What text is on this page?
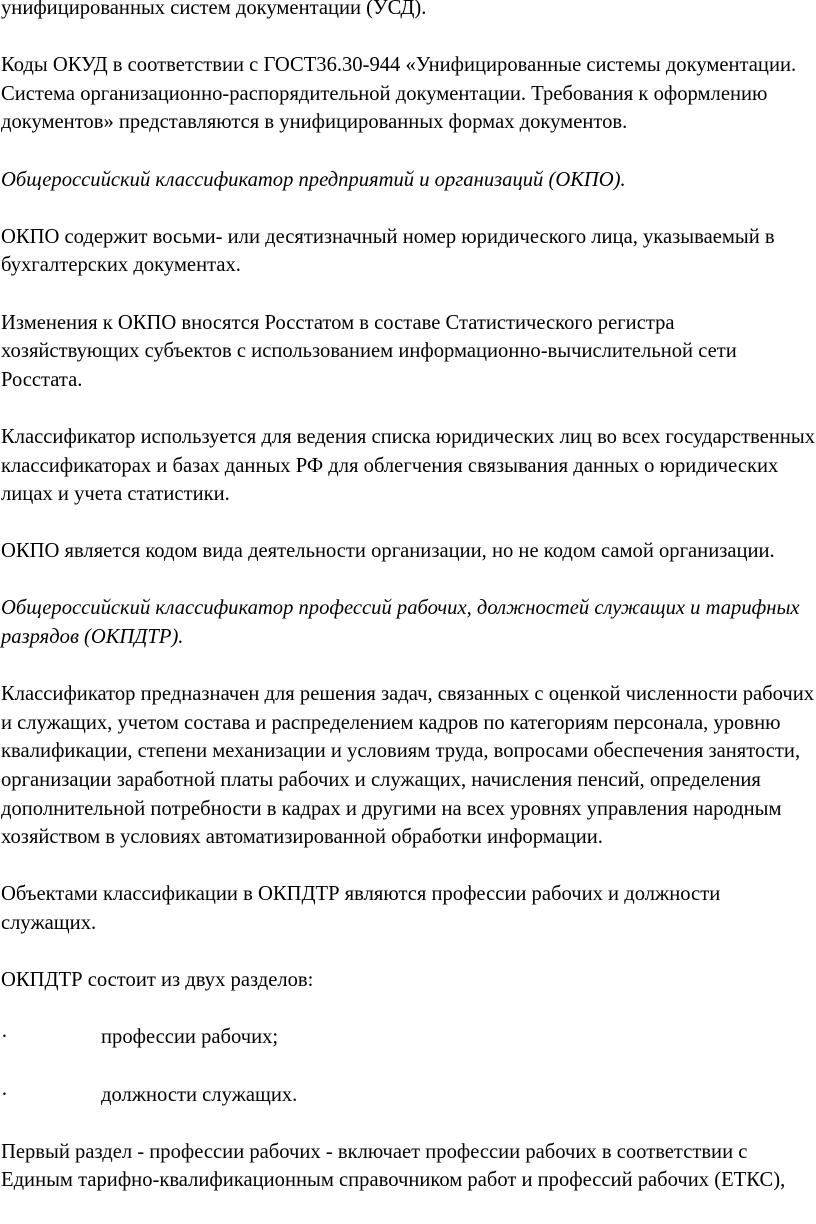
унифицированных систем документации (УСД).

Коды ОКУД в соответствии с ГОСТ36.30-944 «Унифицированные системы документации. Система организационно-распорядительной документации. Требования к оформлению документов» представляются в унифицированных формах документов.

Общероссийский классификатор предприятий и организаций (ОКПО).

ОКПО содержит восьми- или десятизначный номер юридического лица, указываемый в бухгалтерских документах.

Изменения к ОКПО вносятся Росстатом в составе Статистического регистра хозяйствующих субъектов с использованием информационно-вычислительной сети Росстата.

Классификатор используется для ведения списка юридических лиц во всех государственных классификаторах и базах данных РФ для облегчения связывания данных о юридических лицах и учета статистики.

ОКПО является кодом вида деятельности организации, но не кодом самой организации.

Общероссийский классификатор профессий рабочих, должностей служащих и тарифных разрядов (ОКПДТР).

Классификатор предназначен для решения задач, связанных с оценкой численности рабочих и служащих, учетом состава и распределением кадров по категориям персонала, уровню квалификации, степени механизации и условиям труда, вопросами обеспечения занятости, организации заработной платы рабочих и служащих, начисления пенсий, определения дополнительной потребности в кадрах и другими на всех уровнях управления народным хозяйством в условиях автоматизированной обработки информации.

Объектами классификации в ОКПДТР являются профессии рабочих и должности служащих.

ОКПДТР состоит из двух разделов:

·	профессии рабочих;
·	должности служащих.

Первый раздел - профессии рабочих - включает профессии рабочих в соответствии с
Единым тарифно-квалификационным справочником работ и профессий рабочих (ЕТКС),
